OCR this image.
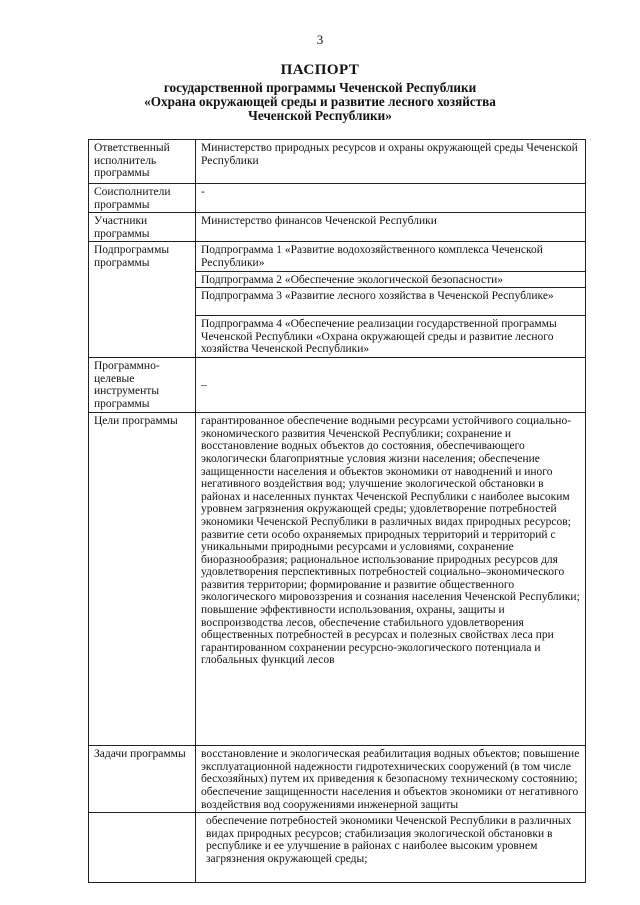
3
ПАСПОРТ
государственной программы Чеченской Республики
«Охрана окружающей среды и развитие лесного хозяйства
Чеченской Республики»
Ответственный исполнитель программы	Министерство природных ресурсов и охраны окружающей среды Чеченской Республики
Соисполнители программы	-
Участники программы	Министерство финансов Чеченской Республики
Подпрограммы программы	Подпрограмма 1 «Развитие водохозяйственного комплекса Чеченской Республики»
	Подпрограмма 2 «Обеспечение экологической безопасности»
	Подпрограмма 3 «Развитие лесного хозяйства в Чеченской Республике»
	Подпрограмма 4 «Обеспечение реализации государственной программы Чеченской Республики «Охрана окружающей среды и развитие лесного хозяйства Чеченской Республики»
Программно-целевые инструменты программы	–
Цели программы	гарантированное обеспечение водными ресурсами устойчивого социально-экономического развития Чеченской Республики; сохранение и восстановление водных объектов до состояния, обеспечивающего экологически благоприятные условия жизни населения; обеспечение защищенности населения и объектов экономики от наводнений и иного негативного воздействия вод; улучшение экологической обстановки в районах и населенных пунктах Чеченской Республики с наиболее высоким уровнем загрязнения окружающей среды; удовлетворение потребностей экономики Чеченской Республики в различных видах природных ресурсов; развитие сети особо охраняемых природных территорий и территорий с уникальными природными ресурсами и условиями, сохранение биоразнообразия; рациональное использование природных ресурсов для удовлетворения перспективных потребностей социально–экономического развития территории; формирование и развитие общественного экологического мировоззрения и сознания населения Чеченской Республики; повышение эффективности использования, охраны, защиты и воспроизводства лесов, обеспечение стабильного удовлетворения общественных потребностей в ресурсах и полезных свойствах леса при гарантированном сохранении ресурсно-экологического потенциала и глобальных функций лесов
Задачи программы	восстановление и экологическая реабилитация водных объектов; повышение эксплуатационной надежности гидротехнических сооружений (в том числе бесхозяйных) путем их приведения к безопасному техническому состоянию; обеспечение защищенности населения и объектов экономики от негативного воздействия вод сооружениями инженерной защиты
	обеспечение потребностей экономики Чеченской Республики в различных видах природных ресурсов; стабилизация экологической обстановки в республике и ее улучшение в районах с наиболее высоким уровнем загрязнения окружающей среды;
